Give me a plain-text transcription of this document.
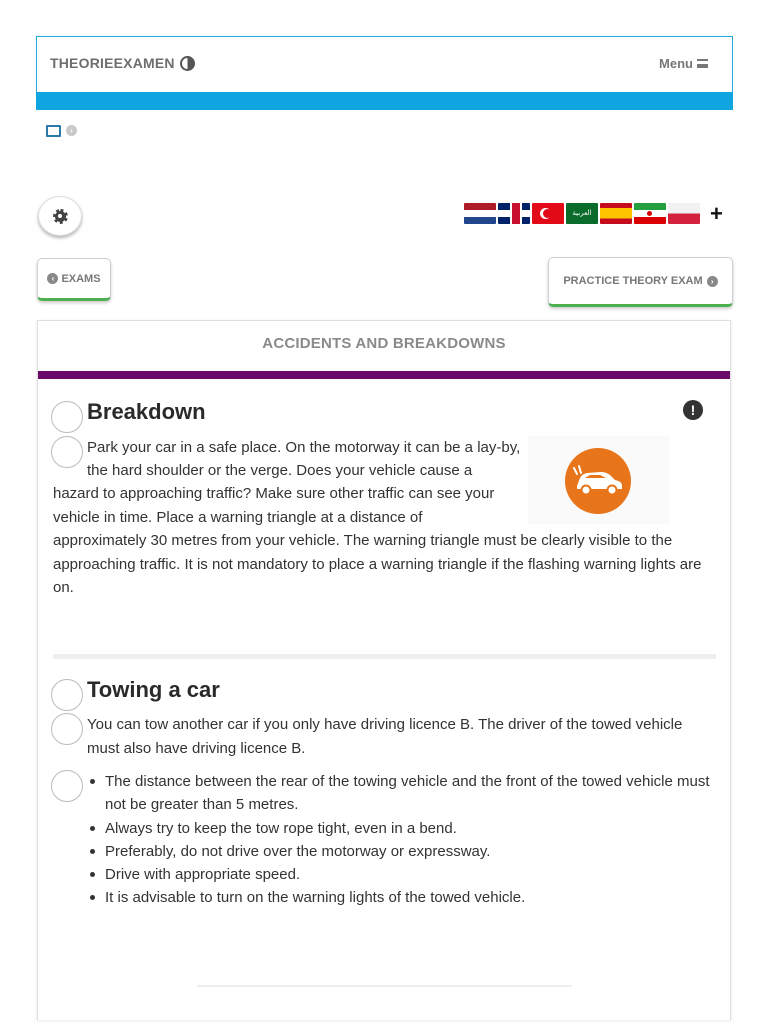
THEORIEEXAMEN	Menu
›
العربية	+
‹ EXAMS	PRACTICE THEORY EXAM	›
ACCIDENTS AND BREAKDOWNS
Breakdown	!
Park your car in a safe place. On the motorway it can be a lay-by,
the hard shoulder or the verge. Does your vehicle cause a
hazard to approaching traffic? Make sure other traffic can see your
vehicle in time. Place a warning triangle at a distance of
approximately 30 metres from your vehicle. The warning triangle must be clearly visible to the approaching traffic. It is not mandatory to place a warning triangle if the flashing warning lights are on.
Towing a car
You can tow another car if you only have driving licence B. The driver of the towed vehicle must also have driving licence B.
The distance between the rear of the towing vehicle and the front of the towed vehicle must not be greater than 5 metres.
Always try to keep the tow rope tight, even in a bend.
Preferably, do not drive over the motorway or expressway.
Drive with appropriate speed.
It is advisable to turn on the warning lights of the towed vehicle.
